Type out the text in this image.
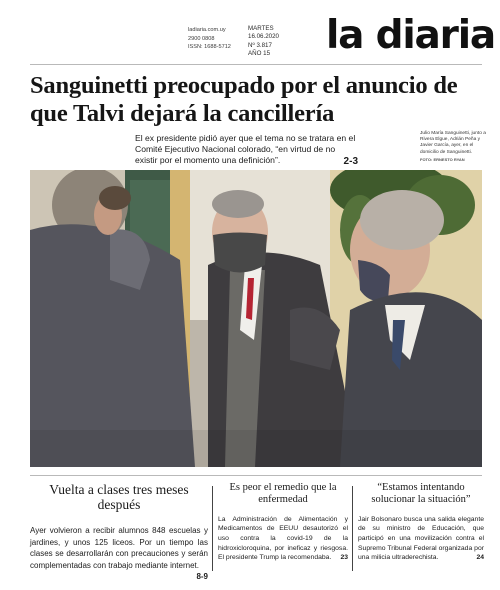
ladiaria.com.uy
2900 0808
ISSN: 1688-5712
MARTES
16.06.2020
Nº 3.817
AÑO 15 la diaria
Sanguinetti preocupado por el anuncio de que Talvi dejará la cancillería
El ex presidente pidió ayer que el tema no se tratara en el Comité Ejecutivo Nacional colorado, “en virtud de no existir por el momento una definición”.	2-3
Julio María Sanguinetti, junto a Rivera Elgue, Adrián Peña y Javier García, ayer, en el domicilio de Sanguinetti.
FOTO: ERNESTO RYAN
Vuelta a clases tres meses después

Ayer volvieron a recibir alumnos 848 escuelas y jardines, y unos 125 liceos. Por un tiempo las clases se desarrollarán con precauciones y serán complementadas con trabajo mediante internet.
8-9

Es peor el remedio que la enfermedad

La Administración de Alimentación y Medicamentos de EEUU desautorizó el uso contra la covid-19 de la hidroxicloroquina, por ineficaz y riesgosa. El presidente Trump la recomendaba. 23

“Estamos intentando solucionar la situación”

Jair Bolsonaro busca una salida elegante de su ministro de Educación, que participó en una movilización contra el Supremo Tribunal Federal organizada por una milicia ultraderechista.	24
